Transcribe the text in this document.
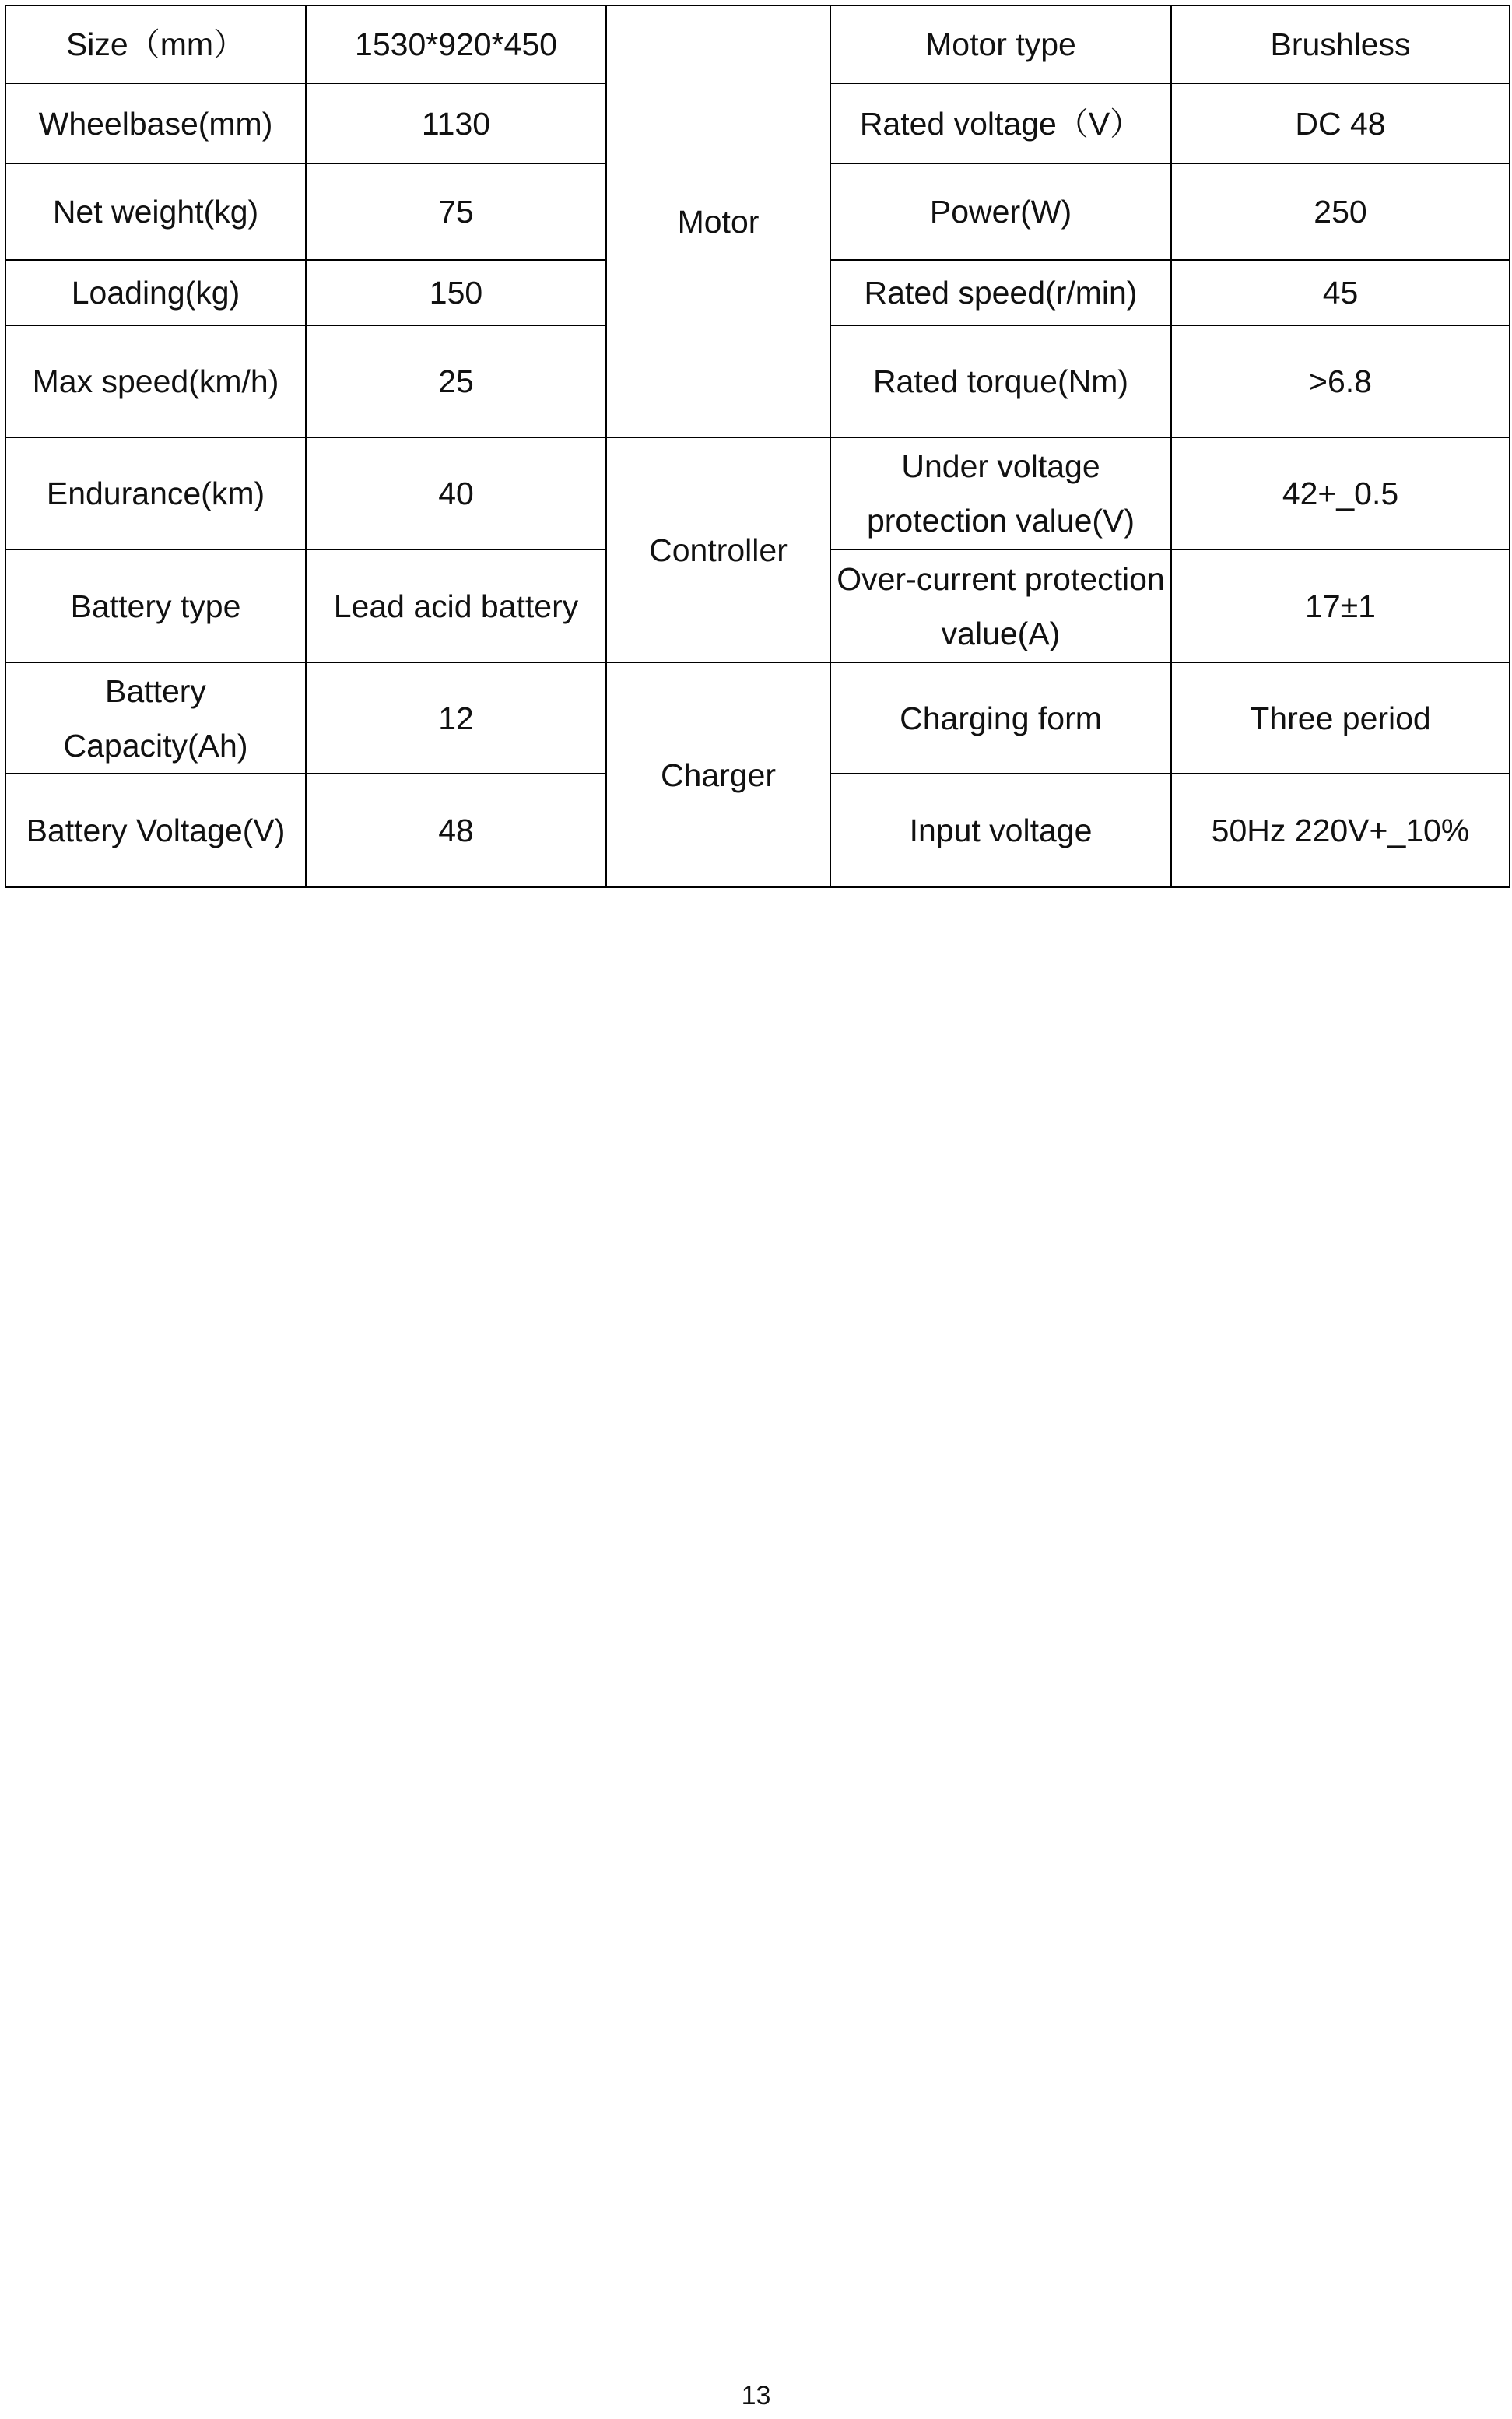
Size（mm）	1530*920*450	Motor	Motor type	Brushless
Wheelbase(mm)	1130		Rated voltage（V）	DC 48
Net weight(kg)	75		Power(W)	250
Loading(kg)	150		Rated speed(r/min)	45
Max speed(km/h)	25		Rated torque(Nm)	>6.8
Endurance(km)	40	Controller	Under voltage protection value(V)	42+_0.5
Battery type	Lead acid battery		Over-current protection value(A)	17±1
Battery Capacity(Ah)	12	Charger	Charging form	Three period
Battery Voltage(V)	48		Input voltage	50Hz 220V+_10%
13
